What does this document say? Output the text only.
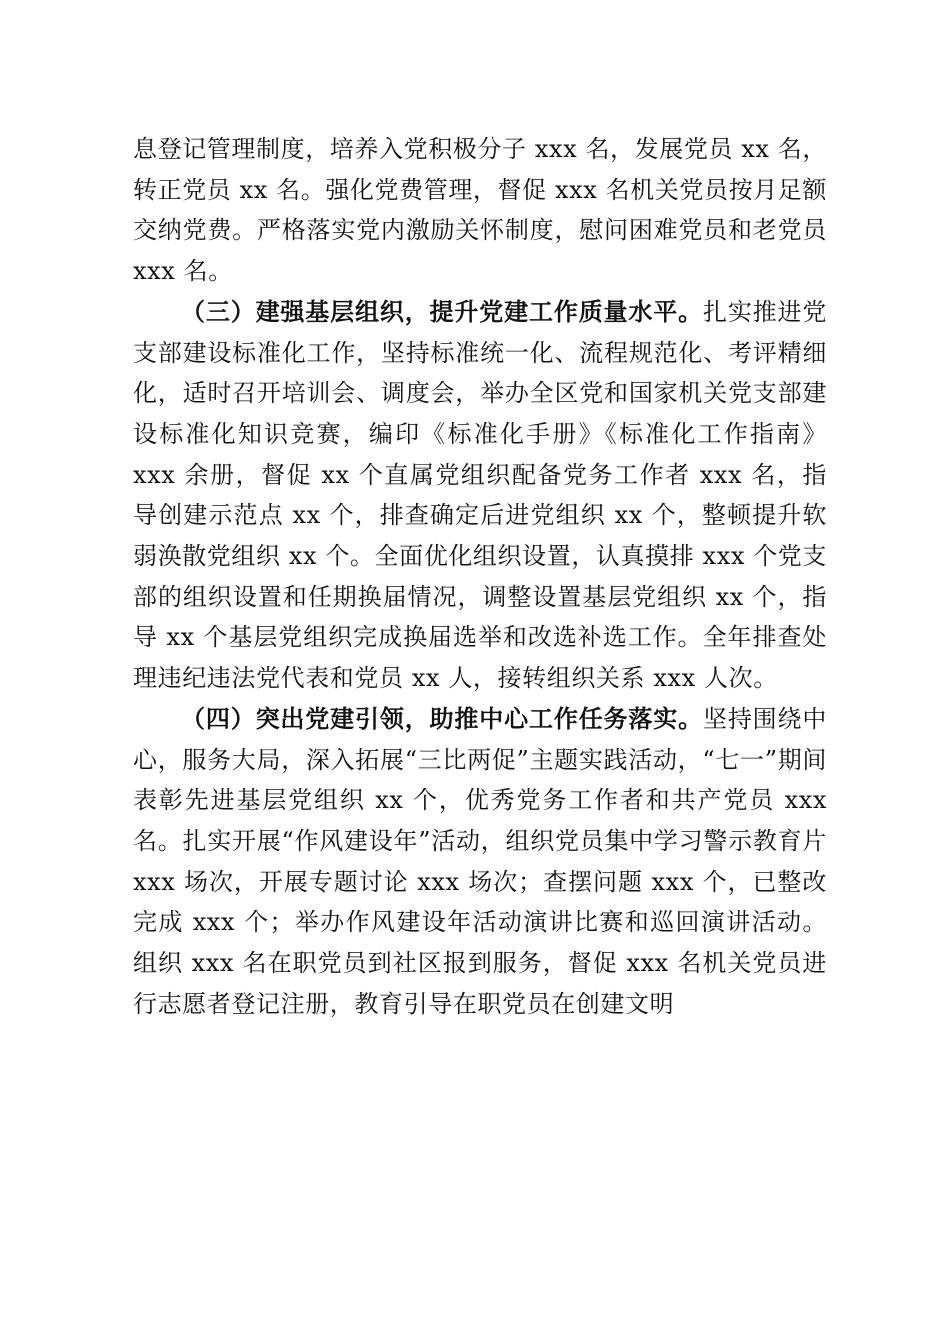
息登记管理制度，培养入党积极分子 xxx 名，发展党员 xx 名，转正党员 xx 名。强化党费管理，督促 xxx 名机关党员按月足额交纳党费。严格落实党内激励关怀制度，慰问困难党员和老党员 xxx 名。

（三）建强基层组织，提升党建工作质量水平。扎实推进党支部建设标准化工作，坚持标准统一化、流程规范化、考评精细化，适时召开培训会、调度会，举办全区党和国家机关党支部建设标准化知识竞赛，编印《标准化手册》《标准化工作指南》xxx 余册，督促 xx 个直属党组织配备党务工作者 xxx 名，指导创建示范点 xx 个，排查确定后进党组织 xx 个，整顿提升软弱涣散党组织 xx 个。全面优化组织设置，认真摸排 xxx 个党支部的组织设置和任期换届情况，调整设置基层党组织 xx 个，指导 xx 个基层党组织完成换届选举和改选补选工作。全年排查处理违纪违法党代表和党员 xx 人，接转组织关系 xxx 人次。

（四）突出党建引领，助推中心工作任务落实。坚持围绕中心，服务大局，深入拓展“三比两促”主题实践活动，“七一”期间表彰先进基层党组织 xx 个，优秀党务工作者和共产党员 xxx 名。扎实开展“作风建设年”活动，组织党员集中学习警示教育片 xxx 场次，开展专题讨论 xxx 场次；查摆问题 xxx 个，已整改完成 xxx 个；举办作风建设年活动演讲比赛和巡回演讲活动。组织 xxx 名在职党员到社区报到服务，督促 xxx 名机关党员进行志愿者登记注册，教育引导在职党员在创建文明
